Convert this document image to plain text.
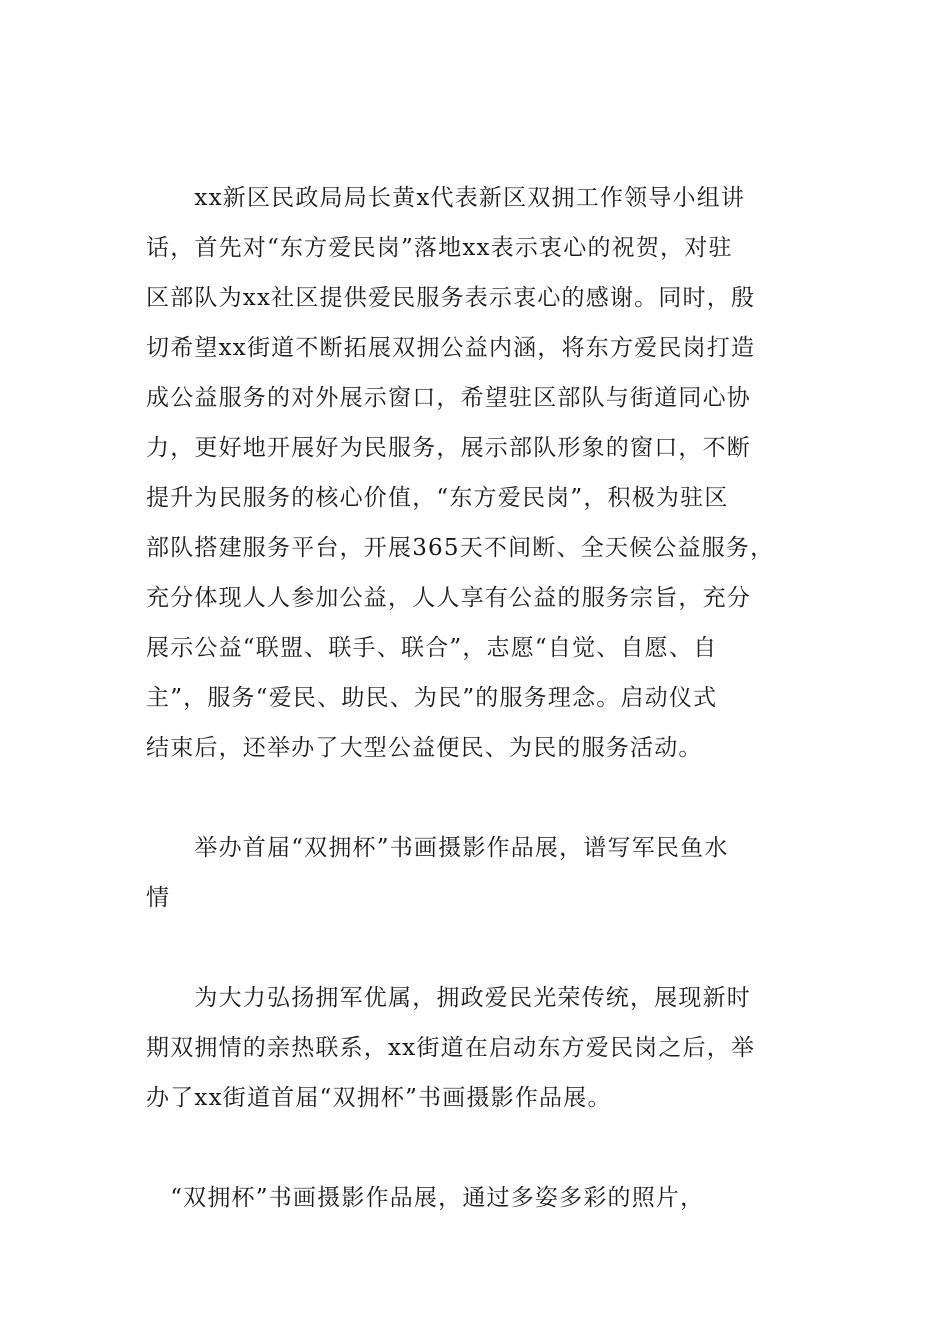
　　xx新区民政局局长黄x代表新区双拥工作领导小组讲
话，首先对“东方爱民岗”落地xx表示衷心的祝贺，对驻
区部队为xx社区提供爱民服务表示衷心的感谢。同时，殷
切希望xx街道不断拓展双拥公益内涵，将东方爱民岗打造
成公益服务的对外展示窗口，希望驻区部队与街道同心协
力，更好地开展好为民服务，展示部队形象的窗口，不断
提升为民服务的核心价值，“东方爱民岗”，积极为驻区
部队搭建服务平台，开展365天不间断、全天候公益服务，
充分体现人人参加公益，人人享有公益的服务宗旨，充分
展示公益“联盟、联手、联合”，志愿“自觉、自愿、自
主”，服务“爱民、助民、为民”的服务理念。启动仪式
结束后，还举办了大型公益便民、为民的服务活动。

　　举办首届“双拥杯”书画摄影作品展，谱写军民鱼水
情

　　为大力弘扬拥军优属，拥政爱民光荣传统，展现新时
期双拥情的亲热联系，xx街道在启动东方爱民岗之后，举
办了xx街道首届“双拥杯”书画摄影作品展。

　“双拥杯”书画摄影作品展，通过多姿多彩的照片，
